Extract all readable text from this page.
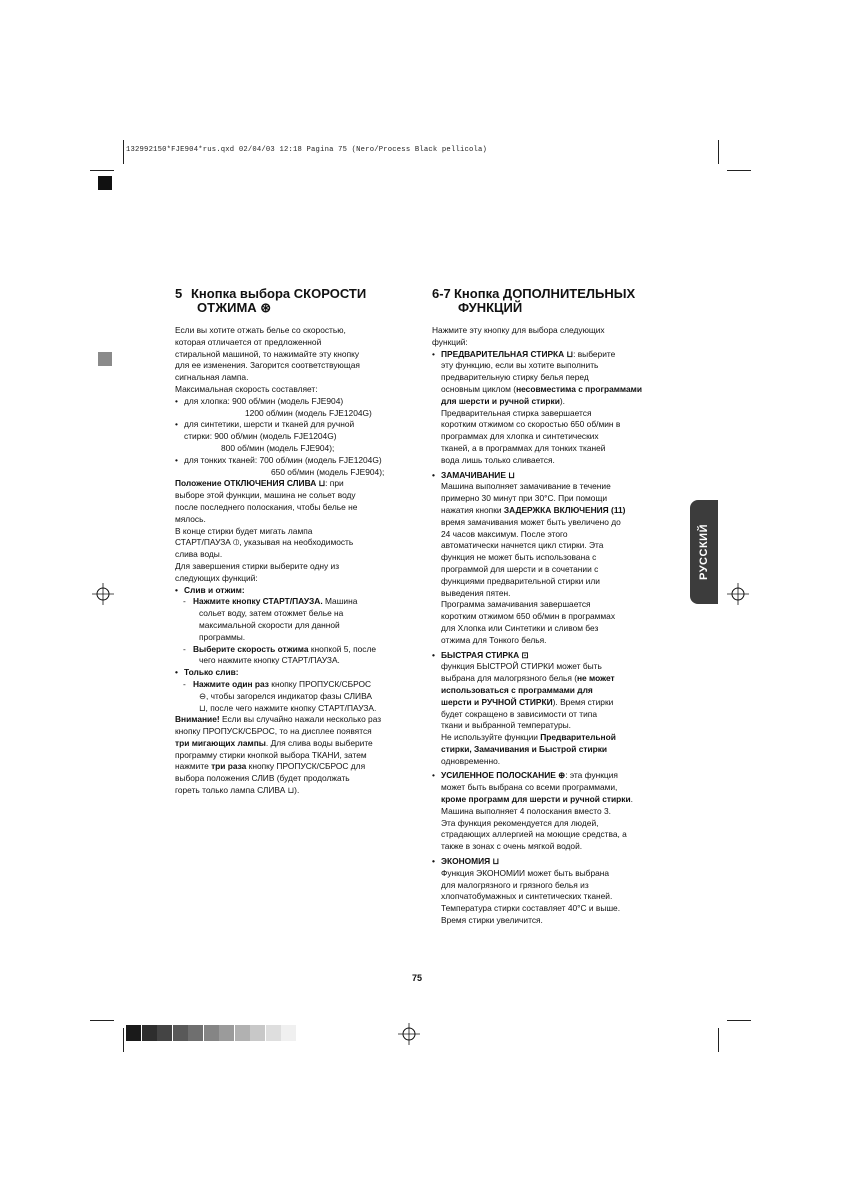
132992150*FJE904*rus.qxd 02/04/03 12:18 Pagina 75 (Nero/Process Black pellicola)
5 Кнопка выбора СКОРОСТИ
ОТЖИМА ⊛

Если вы хотите отжать белье со скоростью,

которая отличается от предложенной

стиральной машиной, то нажимайте эту кнопку

для ее изменения. Загорится соответствующая

сигнальная лампа.

Максимальная скорость составляет:

• для хлопка: 900 об/мин (модель FJE904)

1200 об/мин (модель FJE1204G)

• для синтетики, шерсти и тканей для ручной

стирки: 900 об/мин (модель FJE1204G)

800 об/мин (модель FJE904);

• для тонких тканей: 700 об/мин (модель FJE1204G)

650 об/мин (модель FJE904);

Положение ОТКЛЮЧЕНИЯ СЛИВА ⊔: при

выборе этой функции, машина не сольет воду

после последнего полоскания, чтобы белье не

мялось.

В конце стирки будет мигать лампа

СТАРТ/ПАУЗА ⦶, указывая на необходимость

слива воды.

Для завершения стирки выберите одну из

следующих функций:

• Слив и отжим:

- Нажмите кнопку СТАРТ/ПАУЗА. Машина

сольет воду, затем отожмет белье на

максимальной скорости для данной

программы.

- Выберите скорость отжима кнопкой 5, после

чего нажмите кнопку СТАРТ/ПАУЗА.

• Только слив:

- Нажмите один раз кнопку ПРОПУСК/СБРОС

⊖, чтобы загорелся индикатор фазы СЛИВА

⊔, после чего нажмите кнопку СТАРТ/ПАУЗА.

Внимание! Если вы случайно нажали несколько раз

кнопку ПРОПУСК/СБРОС, то на дисплее появятся

три мигающих лампы. Для слива воды выберите

программу стирки кнопкой выбора ТКАНИ, затем

нажмите три раза кнопку ПРОПУСК/СБРОС для

выбора положения СЛИВ (будет продолжать

гореть только лампа СЛИВА ⊔).

6-7 Кнопка ДОПОЛНИТЕЛЬНЫХ
ФУНКЦИЙ

Нажмите эту кнопку для выбора следующих

функций:

• ПРЕДВАРИТЕЛЬНАЯ СТИРКА ⊔: выберите

эту функцию, если вы хотите выполнить

предварительную стирку белья перед

основным циклом (несовместима с программами

для шерсти и ручной стирки).

Предварительная стирка завершается

коротким отжимом со скоростью 650 об/мин в

программах для хлопка и синтетических

тканей, а в программах для тонких тканей

вода лишь только сливается.

• ЗАМАЧИВАНИЕ ⊔

Машина выполняет замачивание в течение

примерно 30 минут при 30°С. При помощи

нажатия кнопки ЗАДЕРЖКА ВКЛЮЧЕНИЯ (11)

время замачивания может быть увеличено до

24 часов максимум. После этого

автоматически начнется цикл стирки. Эта

функция не может быть использована с

программой для шерсти и в сочетании с

функциями предварительной стирки или

выведения пятен.

Программа замачивания завершается

коротким отжимом 650 об/мин в программах

для Хлопка или Синтетики и сливом без

отжима для Тонкого белья.

• БЫСТРАЯ СТИРКА ⊡

функция БЫСТРОЙ СТИРКИ может быть

выбрана для малогрязного белья (не может

использоваться с программами для

шерсти и РУЧНОЙ СТИРКИ). Время стирки

будет сокращено в зависимости от типа

ткани и выбранной температуры.

Не используйте функции Предварительной

стирки, Замачивания и Быстрой стирки

одновременно.

• УСИЛЕННОЕ ПОЛОСКАНИЕ ⊕: эта функция

может быть выбрана со всеми программами,

кроме программ для шерсти и ручной стирки.

Машина выполняет 4 полоскания вместо 3.

Эта функция рекомендуется для людей,

страдающих аллергией на моющие средства, а

также в зонах с очень мягкой водой.

• ЭКОНОМИЯ ⊔

Функция ЭКОНОМИИ может быть выбрана

для малогрязного и грязного белья из

хлопчатобумажных и синтетических тканей.

Температура стирки составляет 40°С и выше.

Время стирки увеличится.

РУССКИЙ
75
